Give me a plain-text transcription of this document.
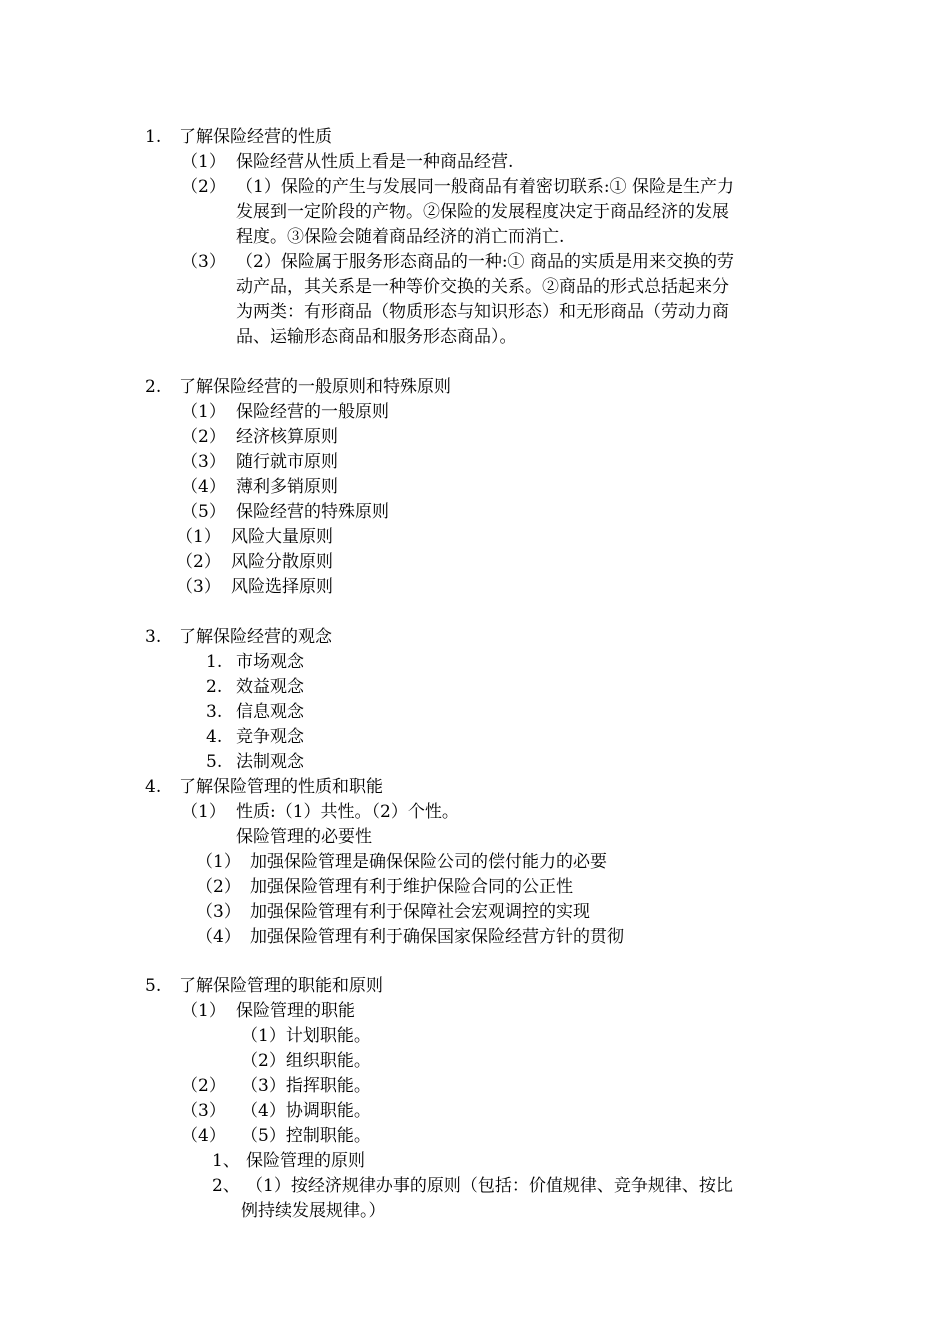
1. 了解保险经营的性质
（1） 保险经营从性质上看是一种商品经营.
（2） （1）保险的产生与发展同一般商品有着密切联系:① 保险是生产力
发展到一定阶段的产物。②保险的发展程度决定于商品经济的发展
程度。③保险会随着商品经济的消亡而消亡.
（3） （2）保险属于服务形态商品的一种:① 商品的实质是用来交换的劳
动产品，其关系是一种等价交换的关系。②商品的形式总括起来分
为两类：有形商品（物质形态与知识形态）和无形商品（劳动力商
品、运输形态商品和服务形态商品）。
2. 了解保险经营的一般原则和特殊原则
（1） 保险经营的一般原则
（2） 经济核算原则
（3） 随行就市原则
（4） 薄利多销原则
（5） 保险经营的特殊原则
（1） 风险大量原则
（2） 风险分散原则
（3） 风险选择原则
3. 了解保险经营的观念
1. 市场观念
2. 效益观念
3. 信息观念
4. 竞争观念
5. 法制观念
4. 了解保险管理的性质和职能
（1） 性质:（1）共性。（2）个性。
保险管理的必要性
（1） 加强保险管理是确保保险公司的偿付能力的必要
（2） 加强保险管理有利于维护保险合同的公正性
（3） 加强保险管理有利于保障社会宏观调控的实现
（4） 加强保险管理有利于确保国家保险经营方针的贯彻
5. 了解保险管理的职能和原则
（1） 保险管理的职能
（1）计划职能。
（2）组织职能。
（2） （3）指挥职能。
（3） （4）协调职能。
（4） （5）控制职能。
1、 保险管理的原则
2、 （1）按经济规律办事的原则（包括：价值规律、竞争规律、按比
例持续发展规律。）
